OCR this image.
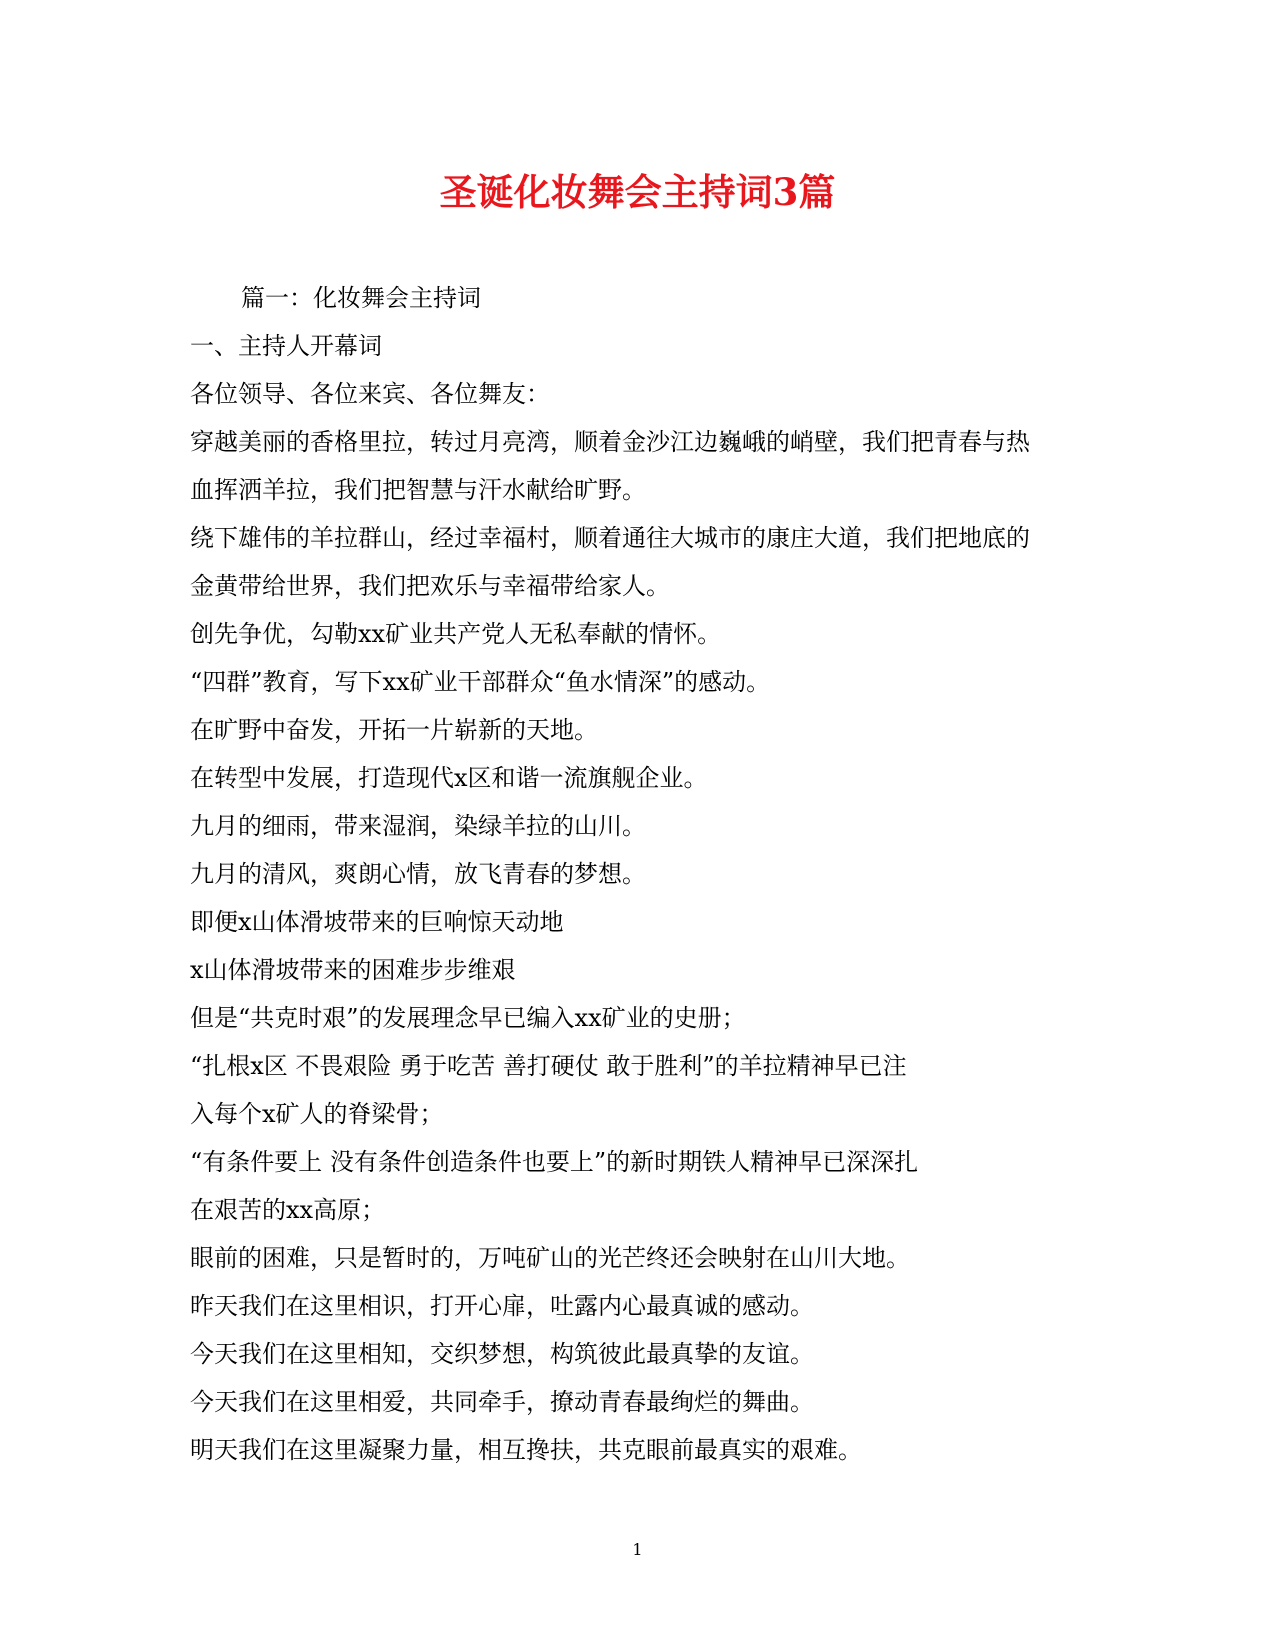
圣诞化妆舞会主持词3篇

篇一：化妆舞会主持词

一、主持人开幕词

各位领导、各位来宾、各位舞友：

穿越美丽的香格里拉，转过月亮湾，顺着金沙江边巍峨的峭壁，我们把青春与热

血挥洒羊拉，我们把智慧与汗水献给旷野。

绕下雄伟的羊拉群山，经过幸福村，顺着通往大城市的康庄大道，我们把地底的

金黄带给世界，我们把欢乐与幸福带给家人。

创先争优，勾勒xx矿业共产党人无私奉献的情怀。

“四群”教育，写下xx矿业干部群众“鱼水情深”的感动。

在旷野中奋发，开拓一片崭新的天地。

在转型中发展，打造现代x区和谐一流旗舰企业。

九月的细雨，带来湿润，染绿羊拉的山川。

九月的清风，爽朗心情，放飞青春的梦想。

即便x山体滑坡带来的巨响惊天动地

x山体滑坡带来的困难步步维艰

但是“共克时艰”的发展理念早已编入xx矿业的史册；

“扎根x区 不畏艰险 勇于吃苦 善打硬仗 敢于胜利”的羊拉精神早已注

入每个x矿人的脊梁骨；

“有条件要上 没有条件创造条件也要上”的新时期铁人精神早已深深扎

在艰苦的xx高原；

眼前的困难，只是暂时的，万吨矿山的光芒终还会映射在山川大地。

昨天我们在这里相识，打开心扉，吐露内心最真诚的感动。

今天我们在这里相知，交织梦想，构筑彼此最真挚的友谊。

今天我们在这里相爱，共同牵手，撩动青春最绚烂的舞曲。

明天我们在这里凝聚力量，相互搀扶，共克眼前最真实的艰难。

1
